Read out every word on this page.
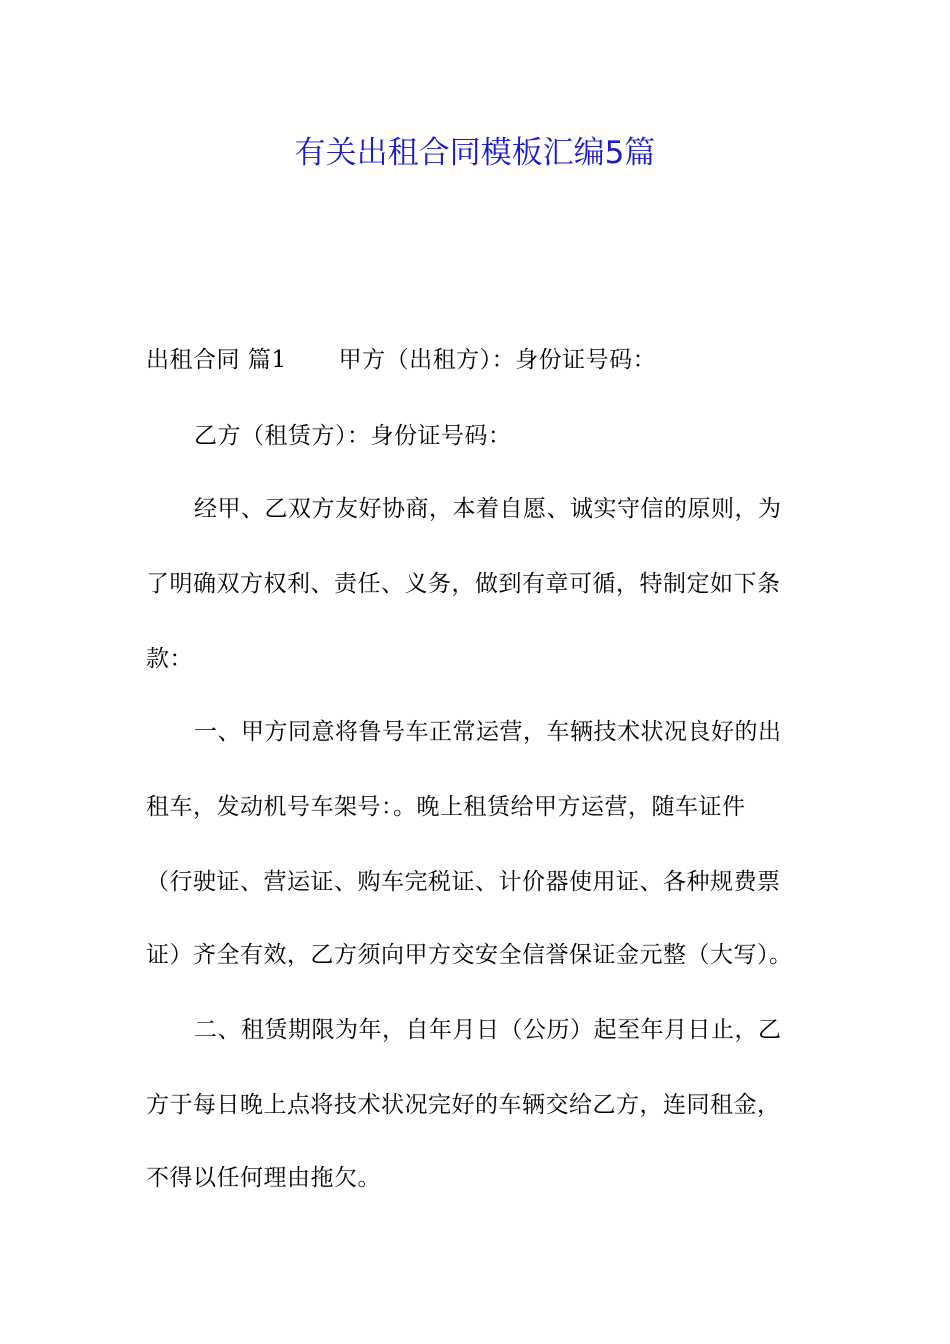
有关出租合同模板汇编5篇
出租合同 篇1 甲方（出租方）：身份证号码：
乙方（租赁方）：身份证号码：
经甲、乙双方友好协商，本着自愿、诚实守信的原则，为
了明确双方权利、责任、义务，做到有章可循，特制定如下条
款：
一、甲方同意将鲁号车正常运营，车辆技术状况良好的出
租车，发动机号车架号：。晚上租赁给甲方运营，随车证件
（行驶证、营运证、购车完税证、计价器使用证、各种规费票
证）齐全有效，乙方须向甲方交安全信誉保证金元整（大写）。
二、租赁期限为年，自年月日（公历）起至年月日止，乙
方于每日晚上点将技术状况完好的车辆交给乙方，连同租金，
不得以任何理由拖欠。
